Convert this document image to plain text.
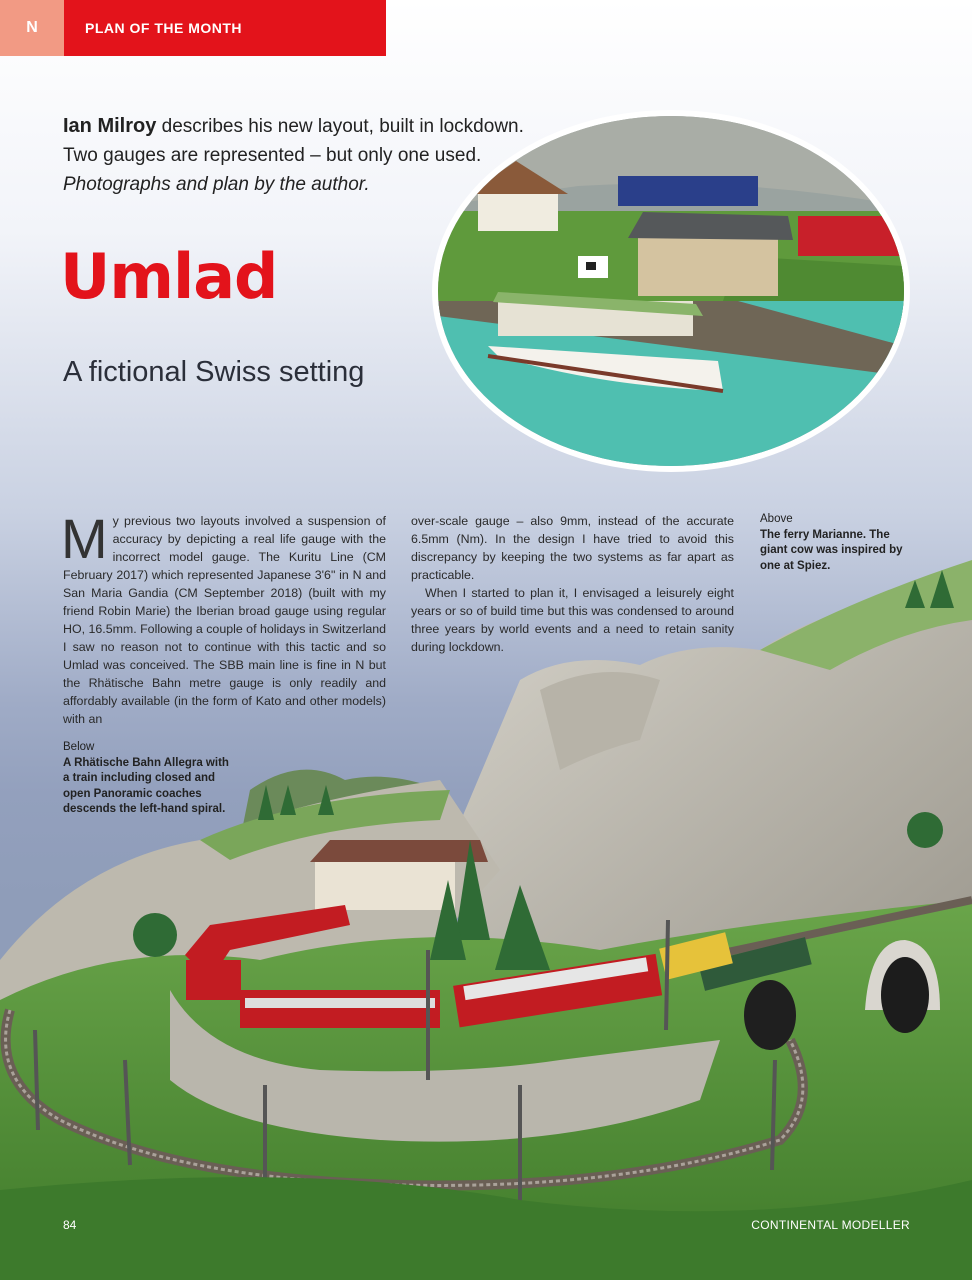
N	PLAN OF THE MONTH
Ian Milroy describes his new layout, built in lockdown.
Two gauges are represented – but only one used.
Photographs and plan by the author.
Umlad
A fictional Swiss setting
M y previous two layouts involved a suspension of accuracy by depicting a real life gauge with the incorrect model gauge. The Kuritu Line (CM February 2017) which represented Japanese 3'6" in N and San Maria Gandia (CM September 2018) (built with my friend Robin Marie) the Iberian broad gauge using regular HO, 16.5mm. Following a couple of holidays in Switzerland I saw no reason not to continue with this tactic and so Umlad was conceived. The SBB main line is fine in N but the Rhätische Bahn metre gauge is only readily and affordably available (in the form of Kato and other models) with an

over-scale gauge – also 9mm, instead of the accurate 6.5mm (Nm). In the design I have tried to avoid this discrepancy by keeping the two systems as far apart as practicable.

When I started to plan it, I envisaged a leisurely eight years or so of build time but this was condensed to around three years by world events and a need to retain sanity during lockdown.

Above
The ferry Marianne. The giant cow was inspired by one at Spiez.
Below
A Rhätische Bahn Allegra with a train including closed and open Panoramic coaches descends the left-hand spiral.
84	CONTINENTAL MODELLER
